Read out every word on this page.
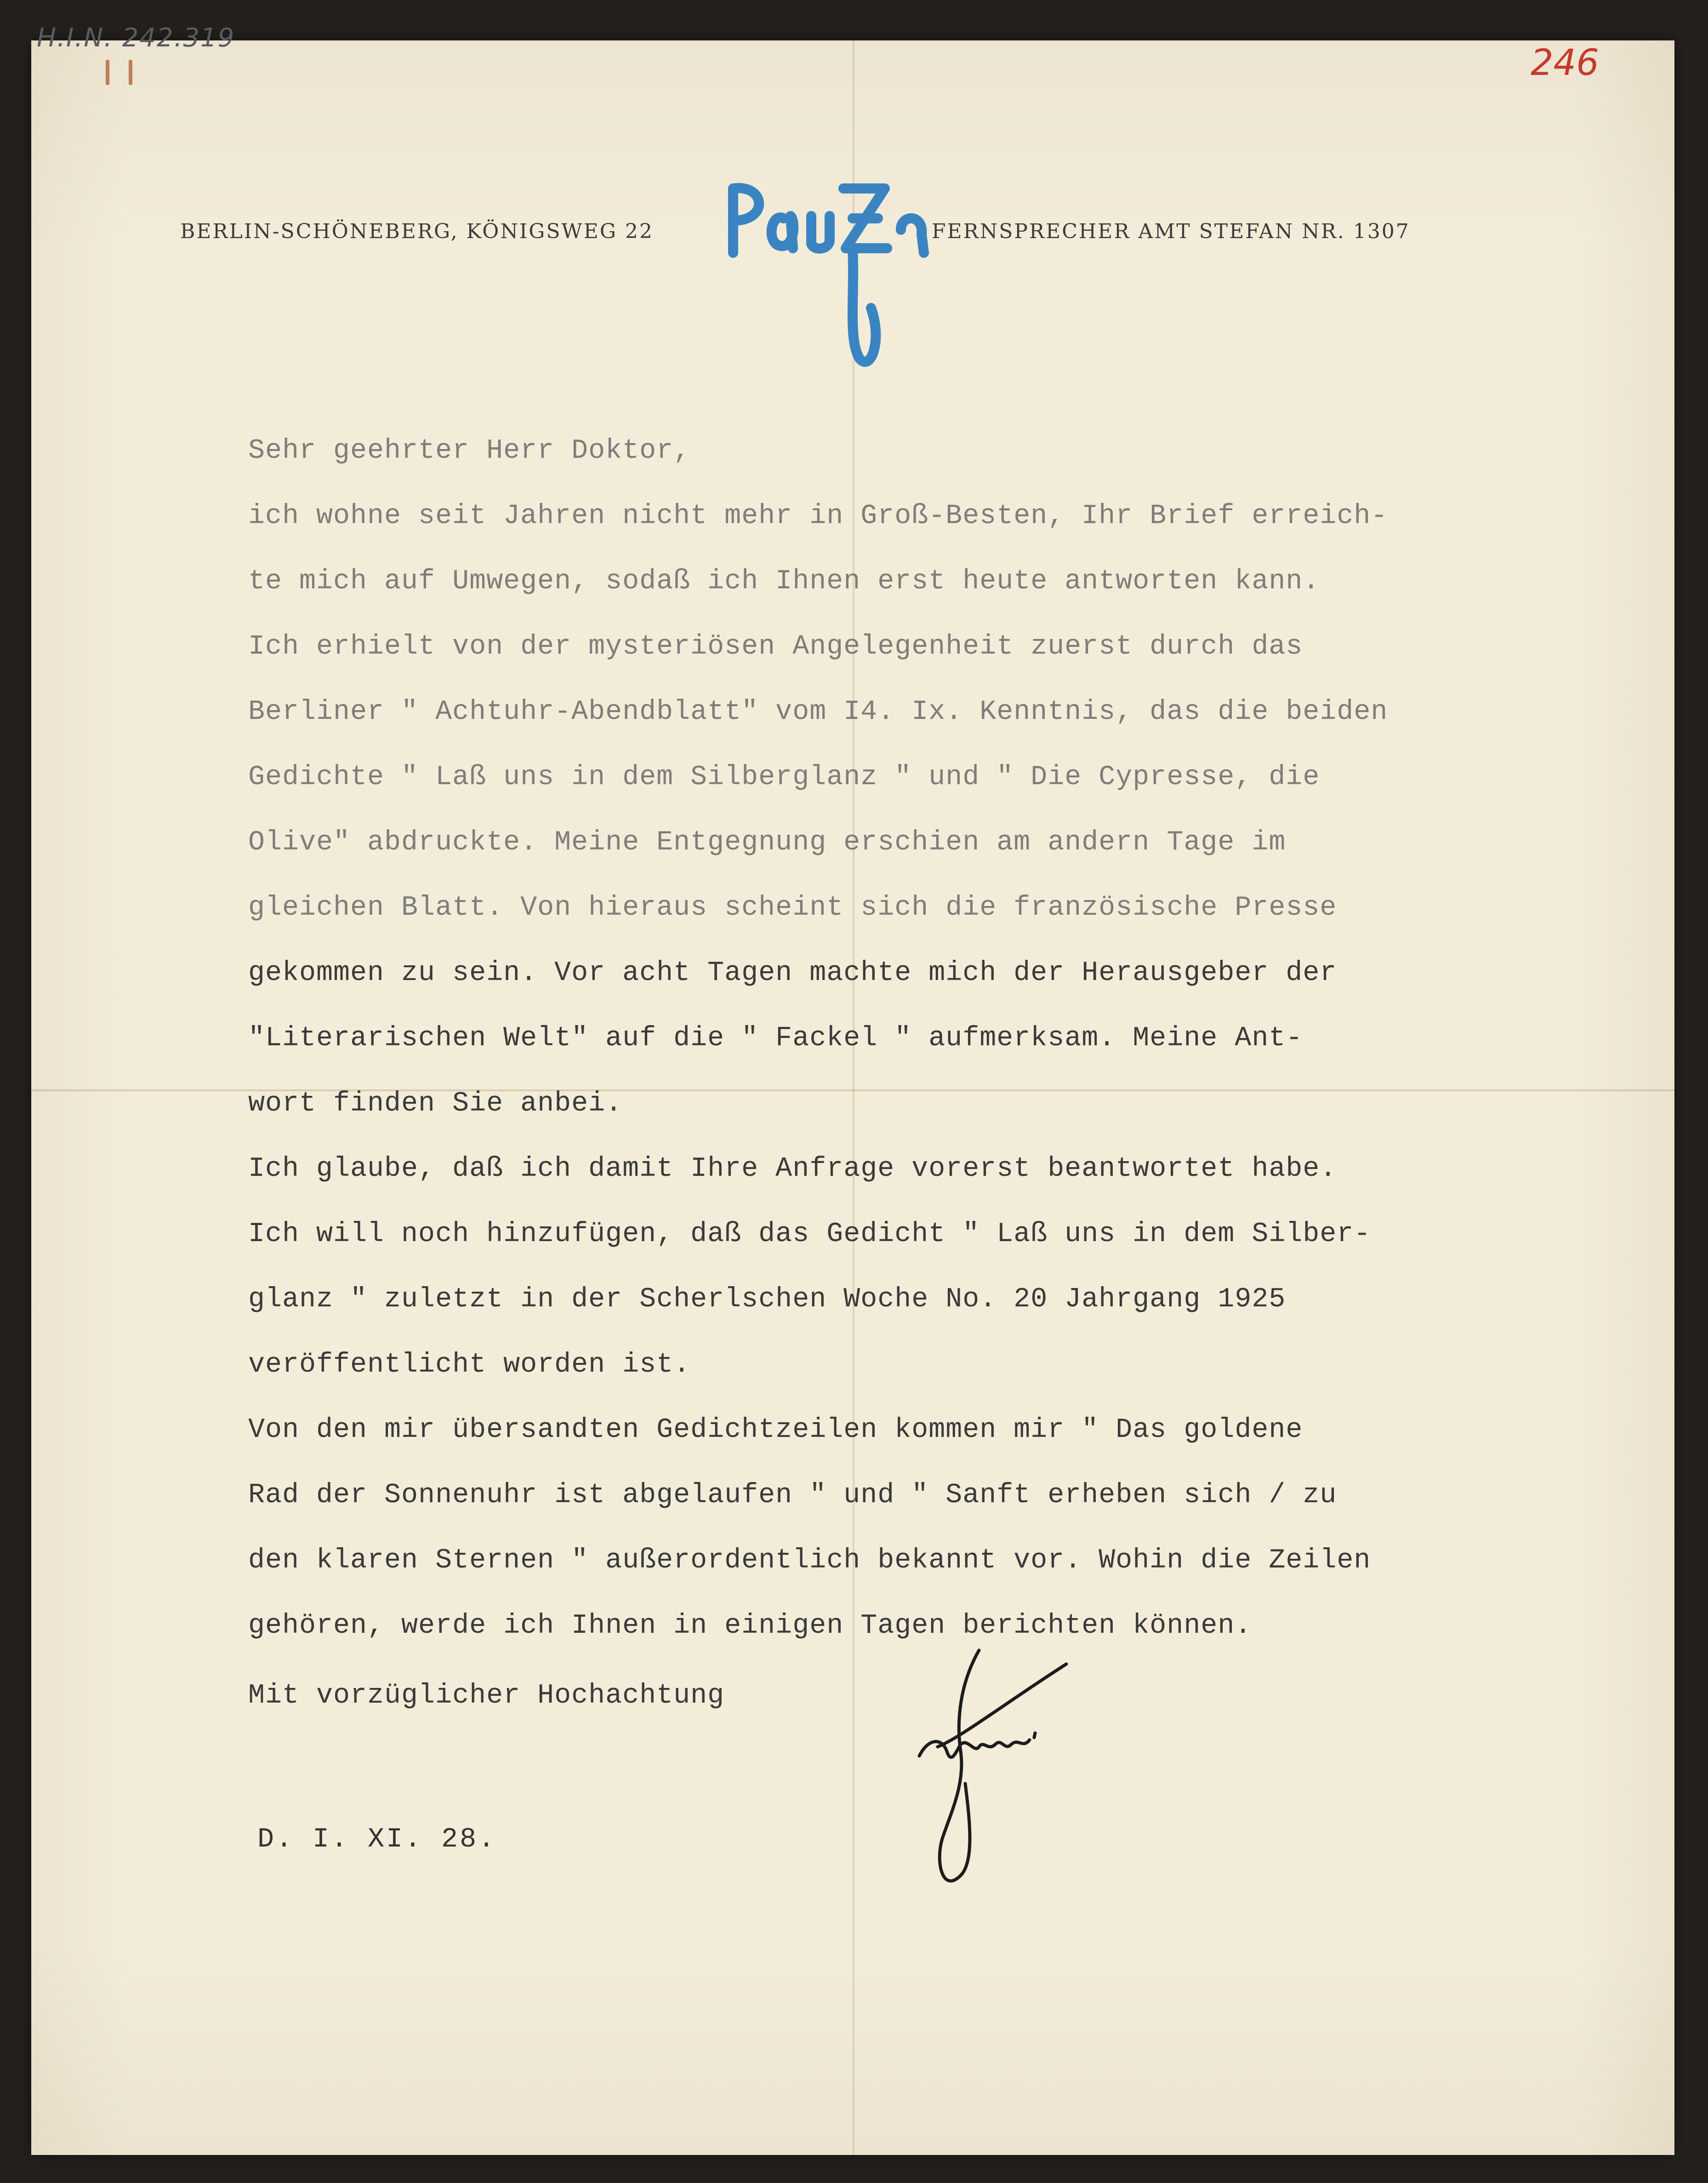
H.I.N. 242.319
246
BERLIN-SCHÖNEBERG, KÖNIGSWEG 22	FERNSPRECHER AMT STEFAN NR. 1307
Sehr geehrter Herr Doktor,
ich wohne seit Jahren nicht mehr in Groß-Besten, Ihr Brief erreich-
te mich auf Umwegen, sodaß ich Ihnen erst heute antworten kann.
Ich erhielt von der mysteriösen Angelegenheit zuerst durch das
Berliner " Achtuhr-Abendblatt" vom I4. Ix. Kenntnis, das die beiden
Gedichte " Laß uns in dem Silberglanz " und " Die Cypresse, die
Olive" abdruckte. Meine Entgegnung erschien am andern Tage im
gleichen Blatt. Von hieraus scheint sich die französische Presse
gekommen zu sein. Vor acht Tagen machte mich der Herausgeber der
"Literarischen Welt" auf die " Fackel " aufmerksam. Meine Ant-
wort finden Sie anbei.
Ich glaube, daß ich damit Ihre Anfrage vorerst beantwortet habe.
Ich will noch hinzufügen, daß das Gedicht " Laß uns in dem Silber-
glanz " zuletzt in der Scherlschen Woche No. 20 Jahrgang 1925
veröffentlicht worden ist.
Von den mir übersandten Gedichtzeilen kommen mir " Das goldene
Rad der Sonnenuhr ist abgelaufen " und " Sanft erheben sich / zu
den klaren Sternen " außerordentlich bekannt vor. Wohin die Zeilen
gehören, werde ich Ihnen in einigen Tagen berichten können.
Mit vorzüglicher Hochachtung
D. I. XI. 28.
